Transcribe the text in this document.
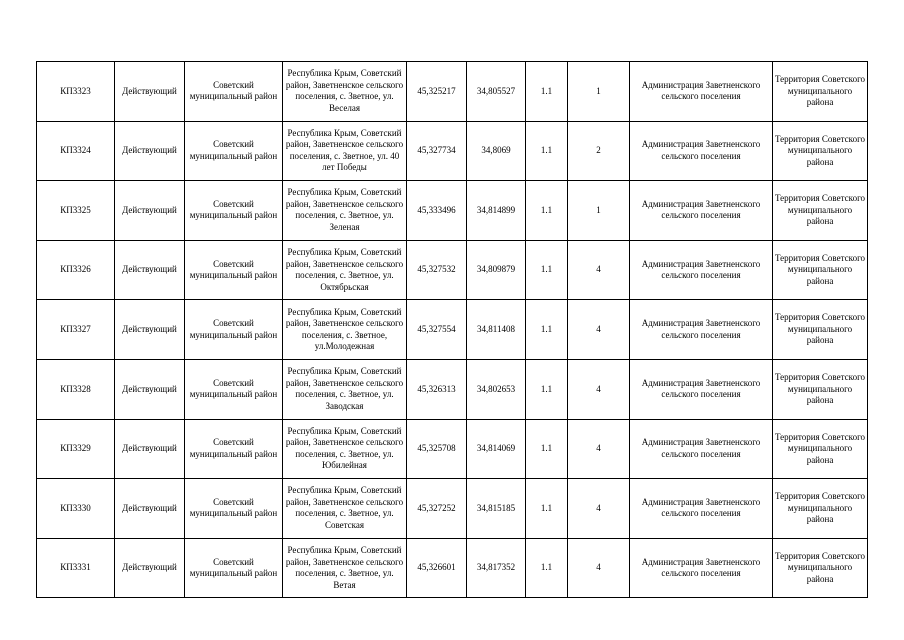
КП3323	Действующий	Советский муниципальный район	Республика Крым, Советский район, Заветненское сельского поселения, с. Зветное, ул. Веселая	45,325217	34,805527	1.1	1	Администрация Заветненского сельского поселения	Территория Советского муниципального района
КП3324	Действующий	Советский муниципальный район	Республика Крым, Советский район, Заветненское сельского поселения, с. Зветное, ул. 40 лет Победы	45,327734	34,8069	1.1	2	Администрация Заветненского сельского поселения	Территория Советского муниципального района
КП3325	Действующий	Советский муниципальный район	Республика Крым, Советский район, Заветненское сельского поселения, с. Зветное, ул. Зеленая	45,333496	34,814899	1.1	1	Администрация Заветненского сельского поселения	Территория Советского муниципального района
КП3326	Действующий	Советский муниципальный район	Республика Крым, Советский район, Заветненское сельского поселения, с. Зветное, ул. Октябрьская	45,327532	34,809879	1.1	4	Администрация Заветненского сельского поселения	Территория Советского муниципального района
КП3327	Действующий	Советский муниципальный район	Республика Крым, Советский район, Заветненское сельского поселения, с. Зветное, ул.Молодежная	45,327554	34,811408	1.1	4	Администрация Заветненского сельского поселения	Территория Советского муниципального района
КП3328	Действующий	Советский муниципальный район	Республика Крым, Советский район, Заветненское сельского поселения, с. Зветное, ул. Заводская	45,326313	34,802653	1.1	4	Администрация Заветненского сельского поселения	Территория Советского муниципального района
КП3329	Действующий	Советский муниципальный район	Республика Крым, Советский район, Заветненское сельского поселения, с. Зветное, ул. Юбилейная	45,325708	34,814069	1.1	4	Администрация Заветненского сельского поселения	Территория Советского муниципального района
КП3330	Действующий	Советский муниципальный район	Республика Крым, Советский район, Заветненское сельского поселения, с. Зветное, ул. Советская	45,327252	34,815185	1.1	4	Администрация Заветненского сельского поселения	Территория Советского муниципального района
КП3331	Действующий	Советский муниципальный район	Республика Крым, Советский район, Заветненское сельского поселения, с. Зветное, ул. Ветая	45,326601	34,817352	1.1	4	Администрация Заветненского сельского поселения	Территория Советского муниципального района
